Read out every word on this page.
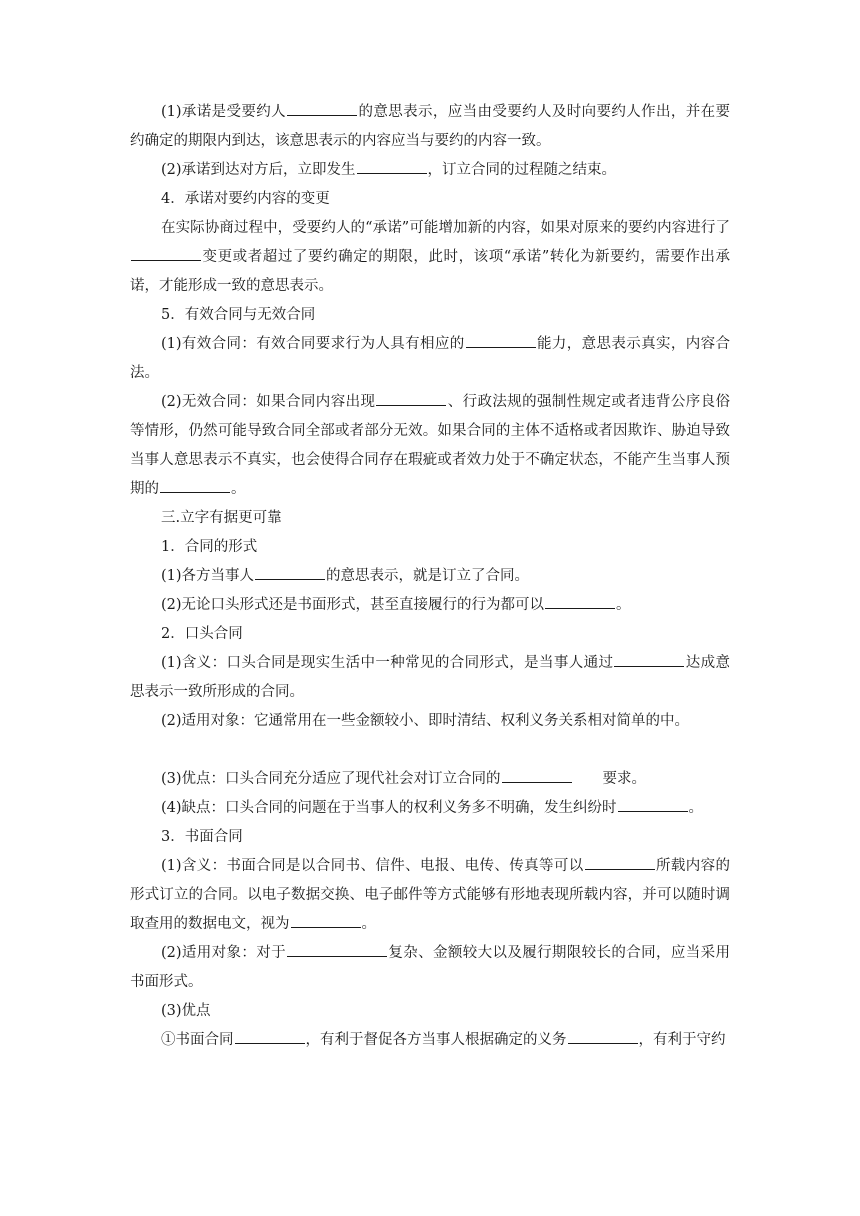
(1)承诺是受要约人	的意思表示，应当由受要约人及时向要约人作出，并在要约确定的期限内到达，该意思表示的内容应当与要约的内容一致。

(2)承诺到达对方后，立即发生	，订立合同的过程随之结束。

4．承诺对要约内容的变更

在实际协商过程中，受要约人的“承诺”可能增加新的内容，如果对原来的要约内容进行了变更或者超过了要约确定的期限，此时，该项“承诺”转化为新要约，需要作出承诺，才能形成一致的意思表示。

5．有效合同与无效合同

(1)有效合同：有效合同要求行为人具有相应的	能力，意思表示真实，内容合法。

(2)无效合同：如果合同内容出现	、行政法规的强制性规定或者违背公序良俗等情形，仍然可能导致合同全部或者部分无效。如果合同的主体不适格或者因欺诈、胁迫导致当事人意思表示不真实，也会使得合同存在瑕疵或者效力处于不确定状态，不能产生当事人预期的	。

三.立字有据更可靠

1．合同的形式

(1)各方当事人	的意思表示，就是订立了合同。

(2)无论口头形式还是书面形式，甚至直接履行的行为都可以	。

2．口头合同

(1)含义：口头合同是现实生活中一种常见的合同形式，是当事人通过	达成意思表示一致所形成的合同。

(2)适用对象：它通常用在一些金额较小、即时清结、权利义务关系相对简单的中。

(3)优点：口头合同充分适应了现代社会对订立合同的	要求。

(4)缺点：口头合同的问题在于当事人的权利义务多不明确，发生纠纷时	。

3．书面合同

(1)含义：书面合同是以合同书、信件、电报、电传、传真等可以	所载内容的形式订立的合同。以电子数据交换、电子邮件等方式能够有形地表现所载内容，并可以随时调取查用的数据电文，视为	。

(2)适用对象：对于	复杂、金额较大以及履行期限较长的合同，应当采用书面形式。

(3)优点

①书面合同	，有利于督促各方当事人根据确定的义务	，有利于守约
